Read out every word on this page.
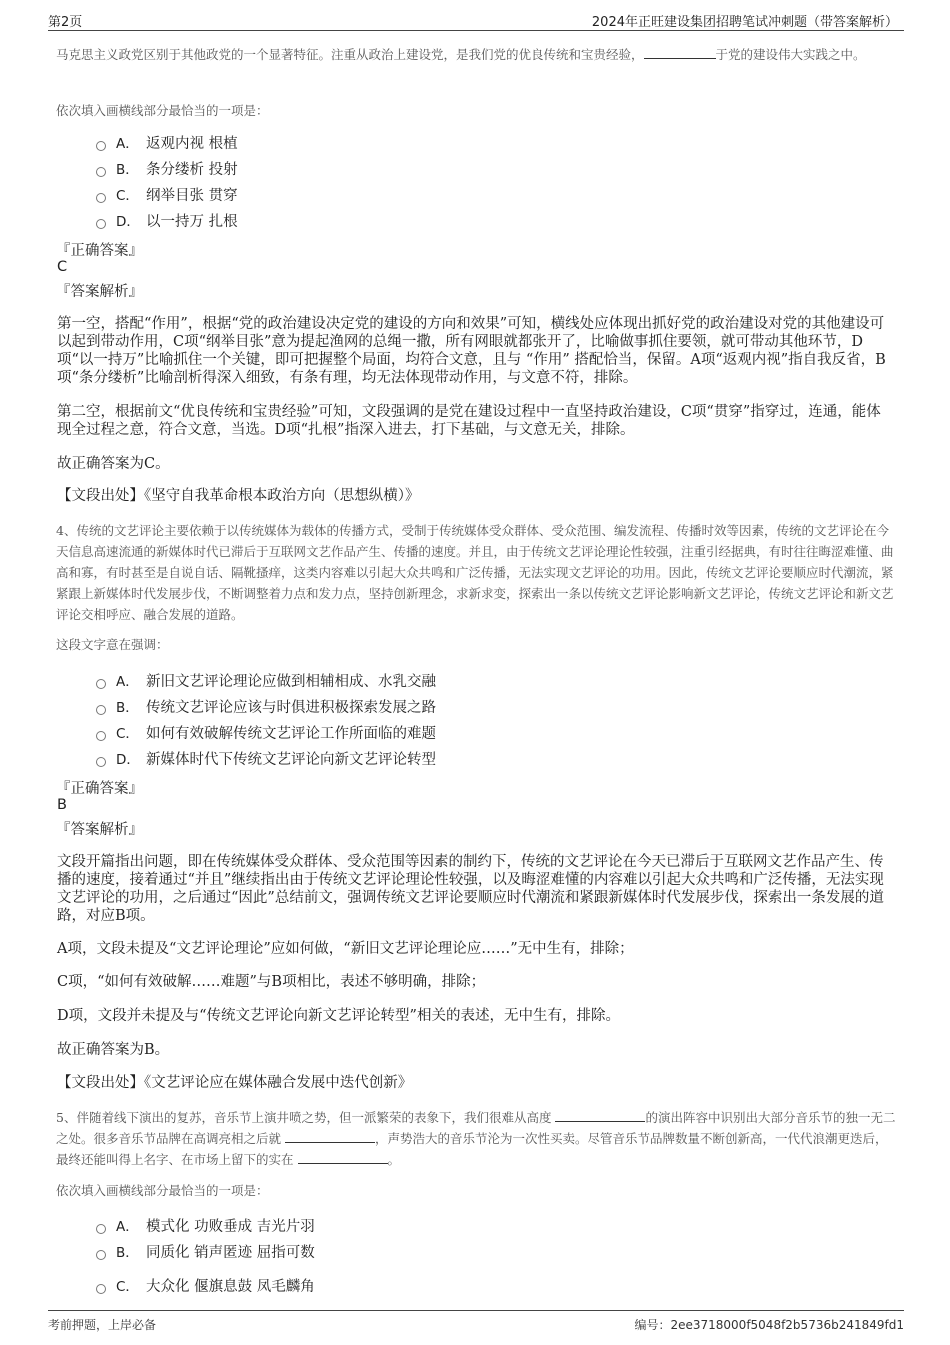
第2页	2024年正旺建设集团招聘笔试冲刺题（带答案解析）
马克思主义政党区别于其他政党的一个显著特征。注重从政治上建设党，是我们党的优良传统和宝贵经验，	于党的建设伟大实践之中。
依次填入画横线部分最恰当的一项是：
A． 返观内视 根植
B． 条分缕析 投射
C． 纲举目张 贯穿
D． 以一持万 扎根
『正确答案』
C
『答案解析』
第一空，搭配“作用”，根据“党的政治建设决定党的建设的方向和效果”可知，横线处应体现出抓好党的政治建设对党的其他建设可以起到带动作用，C项“纲举目张”意为提起渔网的总绳一撒，所有网眼就都张开了，比喻做事抓住要领，就可带动其他环节，D项“以一持万”比喻抓住一个关键，即可把握整个局面，均符合文意，且与 “作用” 搭配恰当，保留。A项“返观内视”指自我反省，B项“条分缕析”比喻剖析得深入细致，有条有理，均无法体现带动作用，与文意不符，排除。
第二空，根据前文“优良传统和宝贵经验”可知，文段强调的是党在建设过程中一直坚持政治建设，C项“贯穿”指穿过，连通，能体现全过程之意，符合文意，当选。D项“扎根”指深入进去，打下基础，与文意无关，排除。
故正确答案为C。
【文段出处】《坚守自我革命根本政治方向（思想纵横）》
4、传统的文艺评论主要依赖于以传统媒体为载体的传播方式，受制于传统媒体受众群体、受众范围、编发流程、传播时效等因素，传统的文艺评论在今天信息高速流通的新媒体时代已滞后于互联网文艺作品产生、传播的速度。并且，由于传统文艺评论理论性较强，注重引经据典，有时往往晦涩难懂、曲高和寡，有时甚至是自说自话、隔靴搔痒，这类内容难以引起大众共鸣和广泛传播，无法实现文艺评论的功用。因此，传统文艺评论要顺应时代潮流，紧紧跟上新媒体时代发展步伐，不断调整着力点和发力点，坚持创新理念，求新求变，探索出一条以传统文艺评论影响新文艺评论，传统文艺评论和新文艺评论交相呼应、融合发展的道路。
这段文字意在强调：
A． 新旧文艺评论理论应做到相辅相成、水乳交融
B． 传统文艺评论应该与时俱进积极探索发展之路
C． 如何有效破解传统文艺评论工作所面临的难题
D． 新媒体时代下传统文艺评论向新文艺评论转型
『正确答案』
B
『答案解析』
文段开篇指出问题，即在传统媒体受众群体、受众范围等因素的制约下，传统的文艺评论在今天已滞后于互联网文艺作品产生、传播的速度，接着通过“并且”继续指出由于传统文艺评论理论性较强，以及晦涩难懂的内容难以引起大众共鸣和广泛传播，无法实现文艺评论的功用，之后通过“因此”总结前文，强调传统文艺评论要顺应时代潮流和紧跟新媒体时代发展步伐，探索出一条发展的道路，对应B项。
A项，文段未提及“文艺评论理论”应如何做，“新旧文艺评论理论应……”无中生有，排除；
C项，“如何有效破解……难题”与B项相比，表述不够明确，排除；
D项，文段并未提及与“传统文艺评论向新文艺评论转型”相关的表述，无中生有，排除。
故正确答案为B。
【文段出处】《文艺评论应在媒体融合发展中迭代创新》
5、伴随着线下演出的复苏，音乐节上演井喷之势，但一派繁荣的表象下，我们很难从高度	的演出阵容中识别出大部分音乐节的独一无二之处。很多音乐节品牌在高调亮相之后就	，声势浩大的音乐节沦为一次性买卖。尽管音乐节品牌数量不断创新高，一代代浪潮更迭后，最终还能叫得上名字、在市场上留下的实在	。
依次填入画横线部分最恰当的一项是：
A． 模式化 功败垂成 吉光片羽
B． 同质化 销声匿迹 屈指可数
C． 大众化 偃旗息鼓 凤毛麟角
考前押题，上岸必备	编号：2ee3718000f5048f2b5736b241849fd1
